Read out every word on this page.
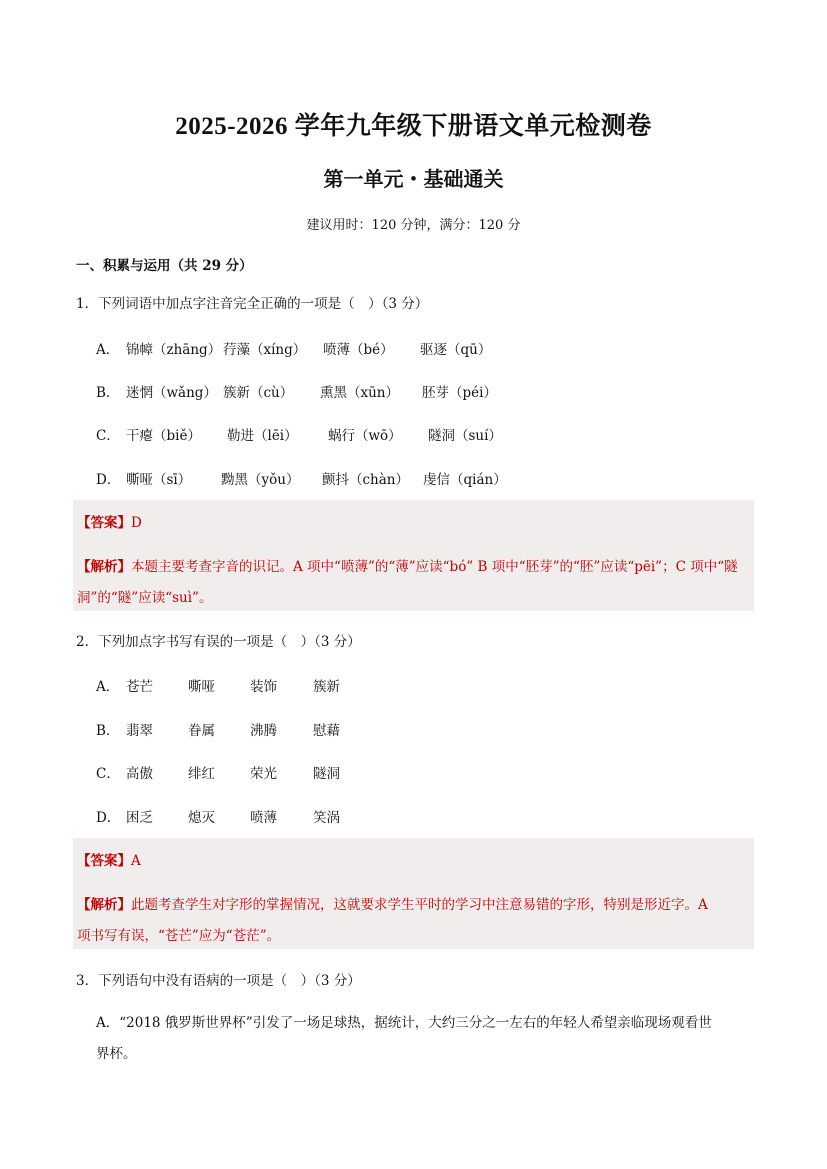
2025-2026 学年九年级下册语文单元检测卷
第一单元・基础通关
建议用时：120 分钟，满分：120 分
一、积累与运用（共 29 分）
1．下列词语中加点字注音完全正确的一项是（　）（3 分）
A． 锦幛（zhāng） 荇藻（xíng） 喷薄（bé） 驱逐（qū）
B． 迷惘（wǎng） 簇新（cù） 熏黑（xūn） 胚芽（péi）
C． 干瘪（biě） 勒进（lēi） 蜗行（wō） 隧洞（suí）
D． 嘶哑（sī） 黝黑（yǒu） 颤抖（chàn） 虔信（qián）
【答案】D
【解析】本题主要考查字音的识记。A 项中“喷薄”的“薄”应读“bó” B 项中“胚芽”的“胚”应读“pēi”；C 项中“隧
洞”的“隧”应读“suì”。
2．下列加点字书写有误的一项是（　）（3 分）
A． 苍芒	嘶哑	装饰	簇新
B． 翡翠	眷属	沸腾	慰藉
C． 高傲	绯红	荣光	隧洞
D． 困乏	熄灭	喷薄	笑涡
【答案】A
【解析】此题考查学生对字形的掌握情况，这就要求学生平时的学习中注意易错的字形，特别是形近字。A
项书写有误，“苍芒”应为“苍茫”。
3．下列语句中没有语病的一项是（　）（3 分）
A．“2018 俄罗斯世界杯”引发了一场足球热，据统计，大约三分之一左右的年轻人希望亲临现场观看世
界杯。
